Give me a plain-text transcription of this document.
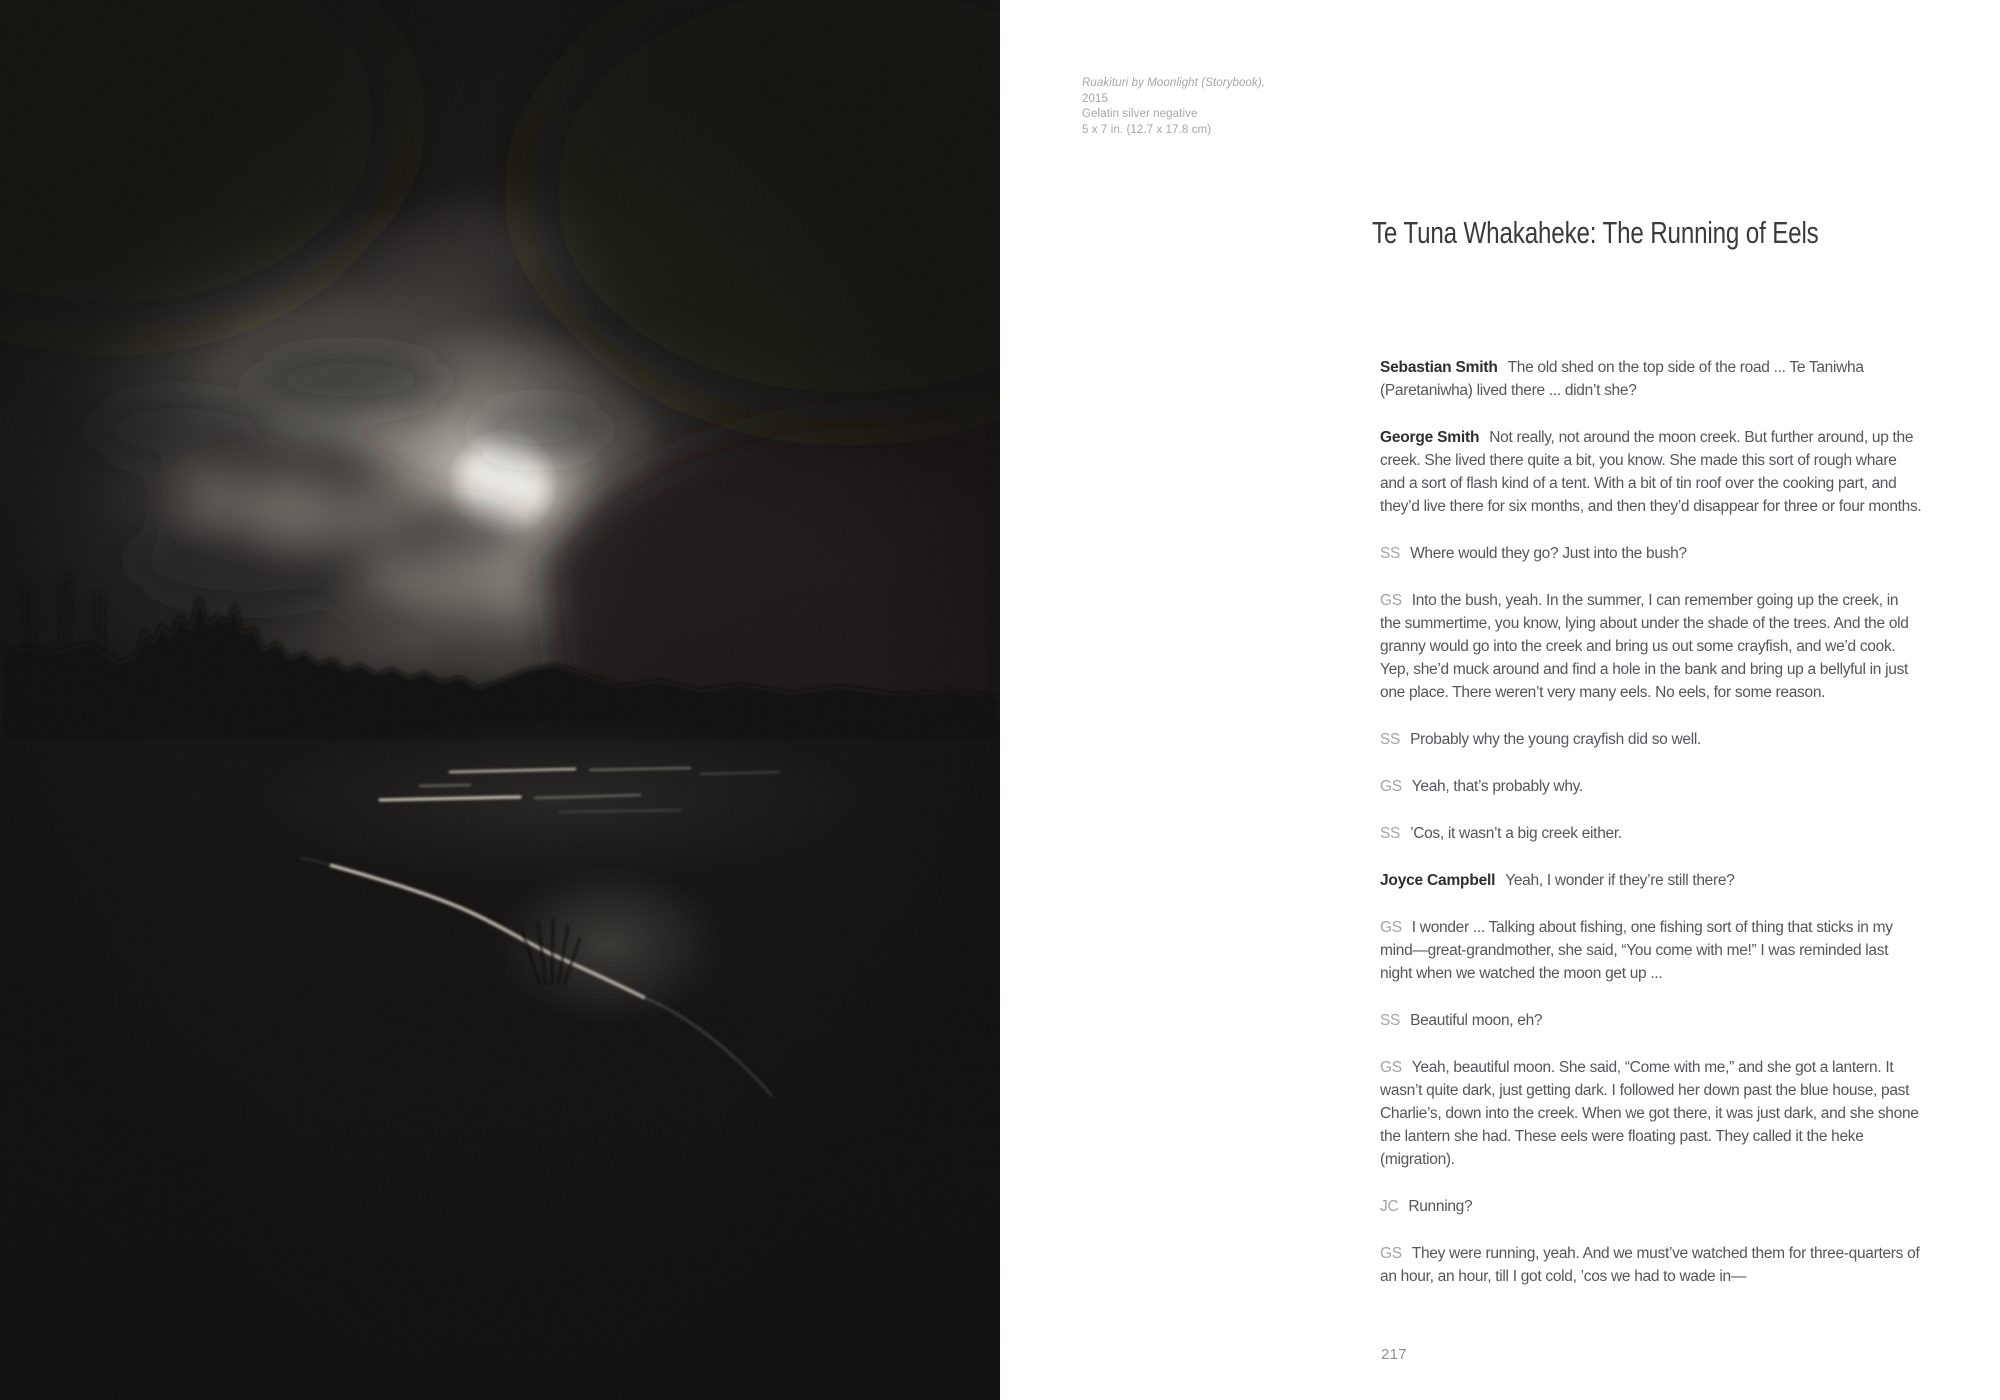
Ruakituri by Moonlight (Storybook),
2015
Gelatin silver negative
5 x 7 in. (12.7 x 17.8 cm)
Te Tuna Whakaheke: The Running of Eels

Sebastian Smith The old shed on the top side of the road ... Te Taniwha (Paretaniwha) lived there ... didn’t she?

George Smith Not really, not around the moon creek. But further around, up the creek. She lived there quite a bit, you know. She made this sort of rough whare and a sort of flash kind of a tent. With a bit of tin roof over the cooking part, and they’d live there for six months, and then they’d disappear for three or four months.

SS Where would they go? Just into the bush?

GS Into the bush, yeah. In the summer, I can remember going up the creek, in the summertime, you know, lying about under the shade of the trees. And the old granny would go into the creek and bring us out some crayfish, and we’d cook. Yep, she’d muck around and find a hole in the bank and bring up a bellyful in just one place. There weren’t very many eels. No eels, for some reason.

SS Probably why the young crayfish did so well.

GS Yeah, that’s probably why.

SS ’Cos, it wasn’t a big creek either.

Joyce Campbell Yeah, I wonder if they’re still there?

GS I wonder ... Talking about fishing, one fishing sort of thing that sticks in my mind—great-grandmother, she said, “You come with me!” I was reminded last night when we watched the moon get up ...

SS Beautiful moon, eh?

GS Yeah, beautiful moon. She said, “Come with me,” and she got a lantern. It wasn’t quite dark, just getting dark. I followed her down past the blue house, past Charlie’s, down into the creek. When we got there, it was just dark, and she shone the lantern she had. These eels were floating past. They called it the heke (migration).

JC Running?

GS They were running, yeah. And we must’ve watched them for three-quarters of an hour, an hour, till I got cold, ’cos we had to wade in—

217
